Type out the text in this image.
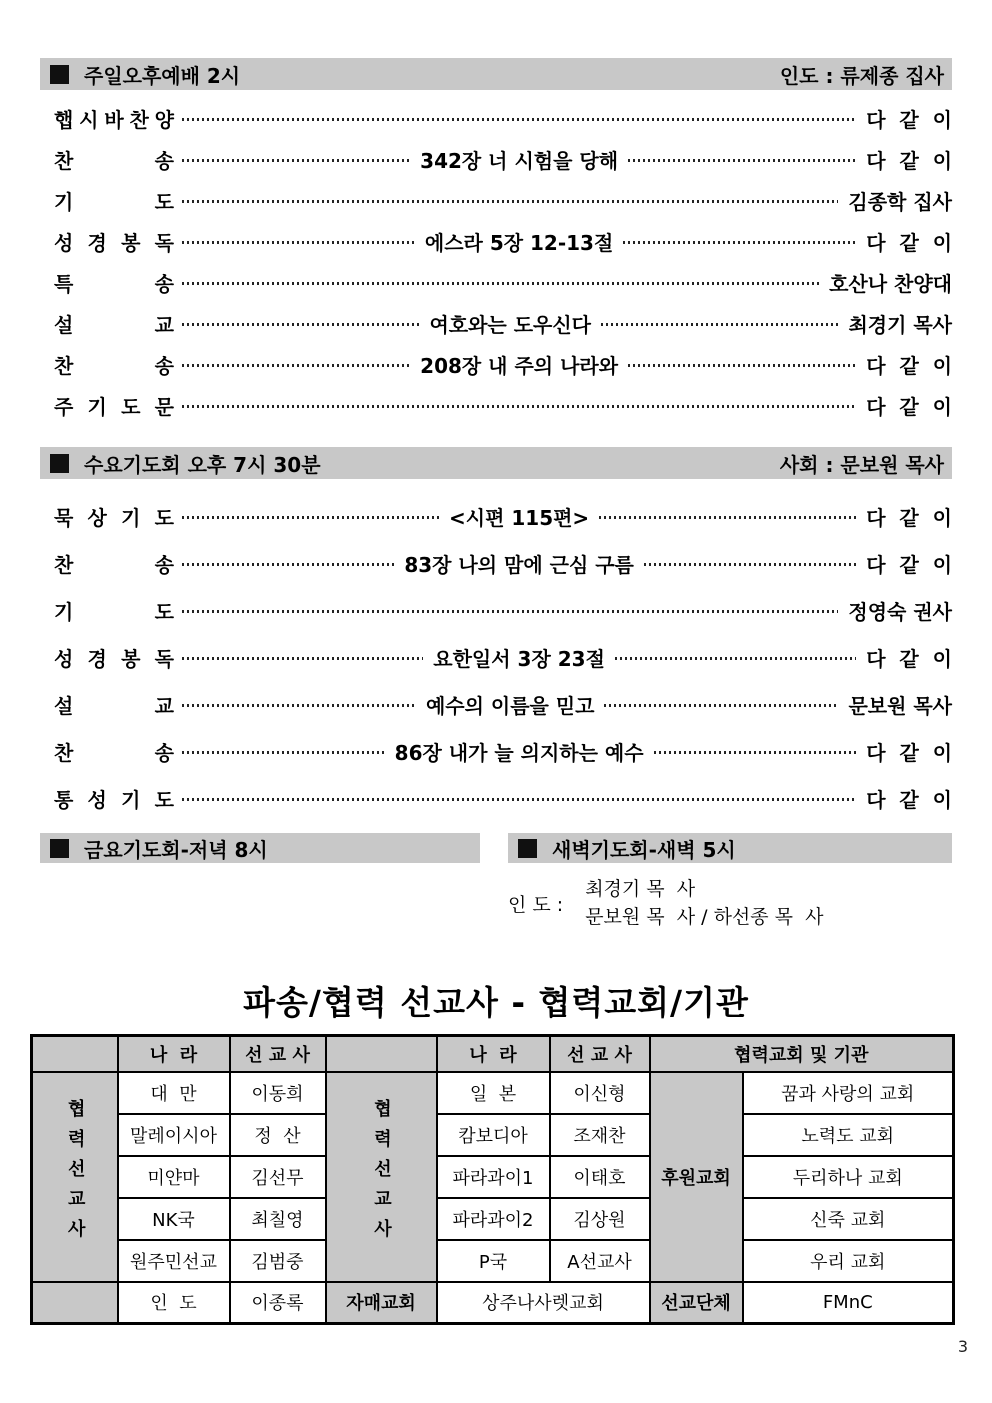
주일오후예배 2시	인도 : 류제종 집사
햅 시 바 찬 양	다  같  이
찬	송	342장 너 시험을 당해	다  같  이
기	도	김종학 집사
성 경 봉 독	에스라 5장 12-13절	다  같  이
특	송	호산나 찬양대
설	교	여호와는 도우신다	최경기 목사
찬	송	208장 내 주의 나라와	다  같  이
주 기 도 문	다  같  이
수요기도회 오후 7시 30분	사회 : 문보원 목사
묵 상 기 도	<시편 115편>	다  같  이
찬	송	83장 나의 맘에 근심 구름	다  같  이
기	도	정영숙 권사
성 경 봉 독	요한일서 3장 23절	다  같  이
설	교	예수의 이름을 믿고	문보원 목사
찬	송	86장 내가 늘 의지하는 예수	다  같  이
통 성 기 도	다  같  이
금요기도회-저녁 8시	새벽기도회-새벽 5시
인 도 :
최경기 목  사
문보원 목  사 / 하선종 목  사
파송/협력 선교사 - 협력교회/기관
	나  라	선 교 사		나  라	선 교 사	협력교회 및 기관	
협력선교사	대  만	이동희	협력선교사	일  본	이신형	후원교회	꿈과 사랑의 교회
	말레이시아	정  산		캄보디아	조재찬		노력도 교회
	미얀마	김선무		파라과이1	이태호		두리하나 교회
	NK국	최칠영		파라과이2	김상원		신죽 교회
	원주민선교	김범중		P국	A선교사		우리 교회
	인  도	이종록	자매교회	상주나사렛교회		선교단체	FMnC
3
